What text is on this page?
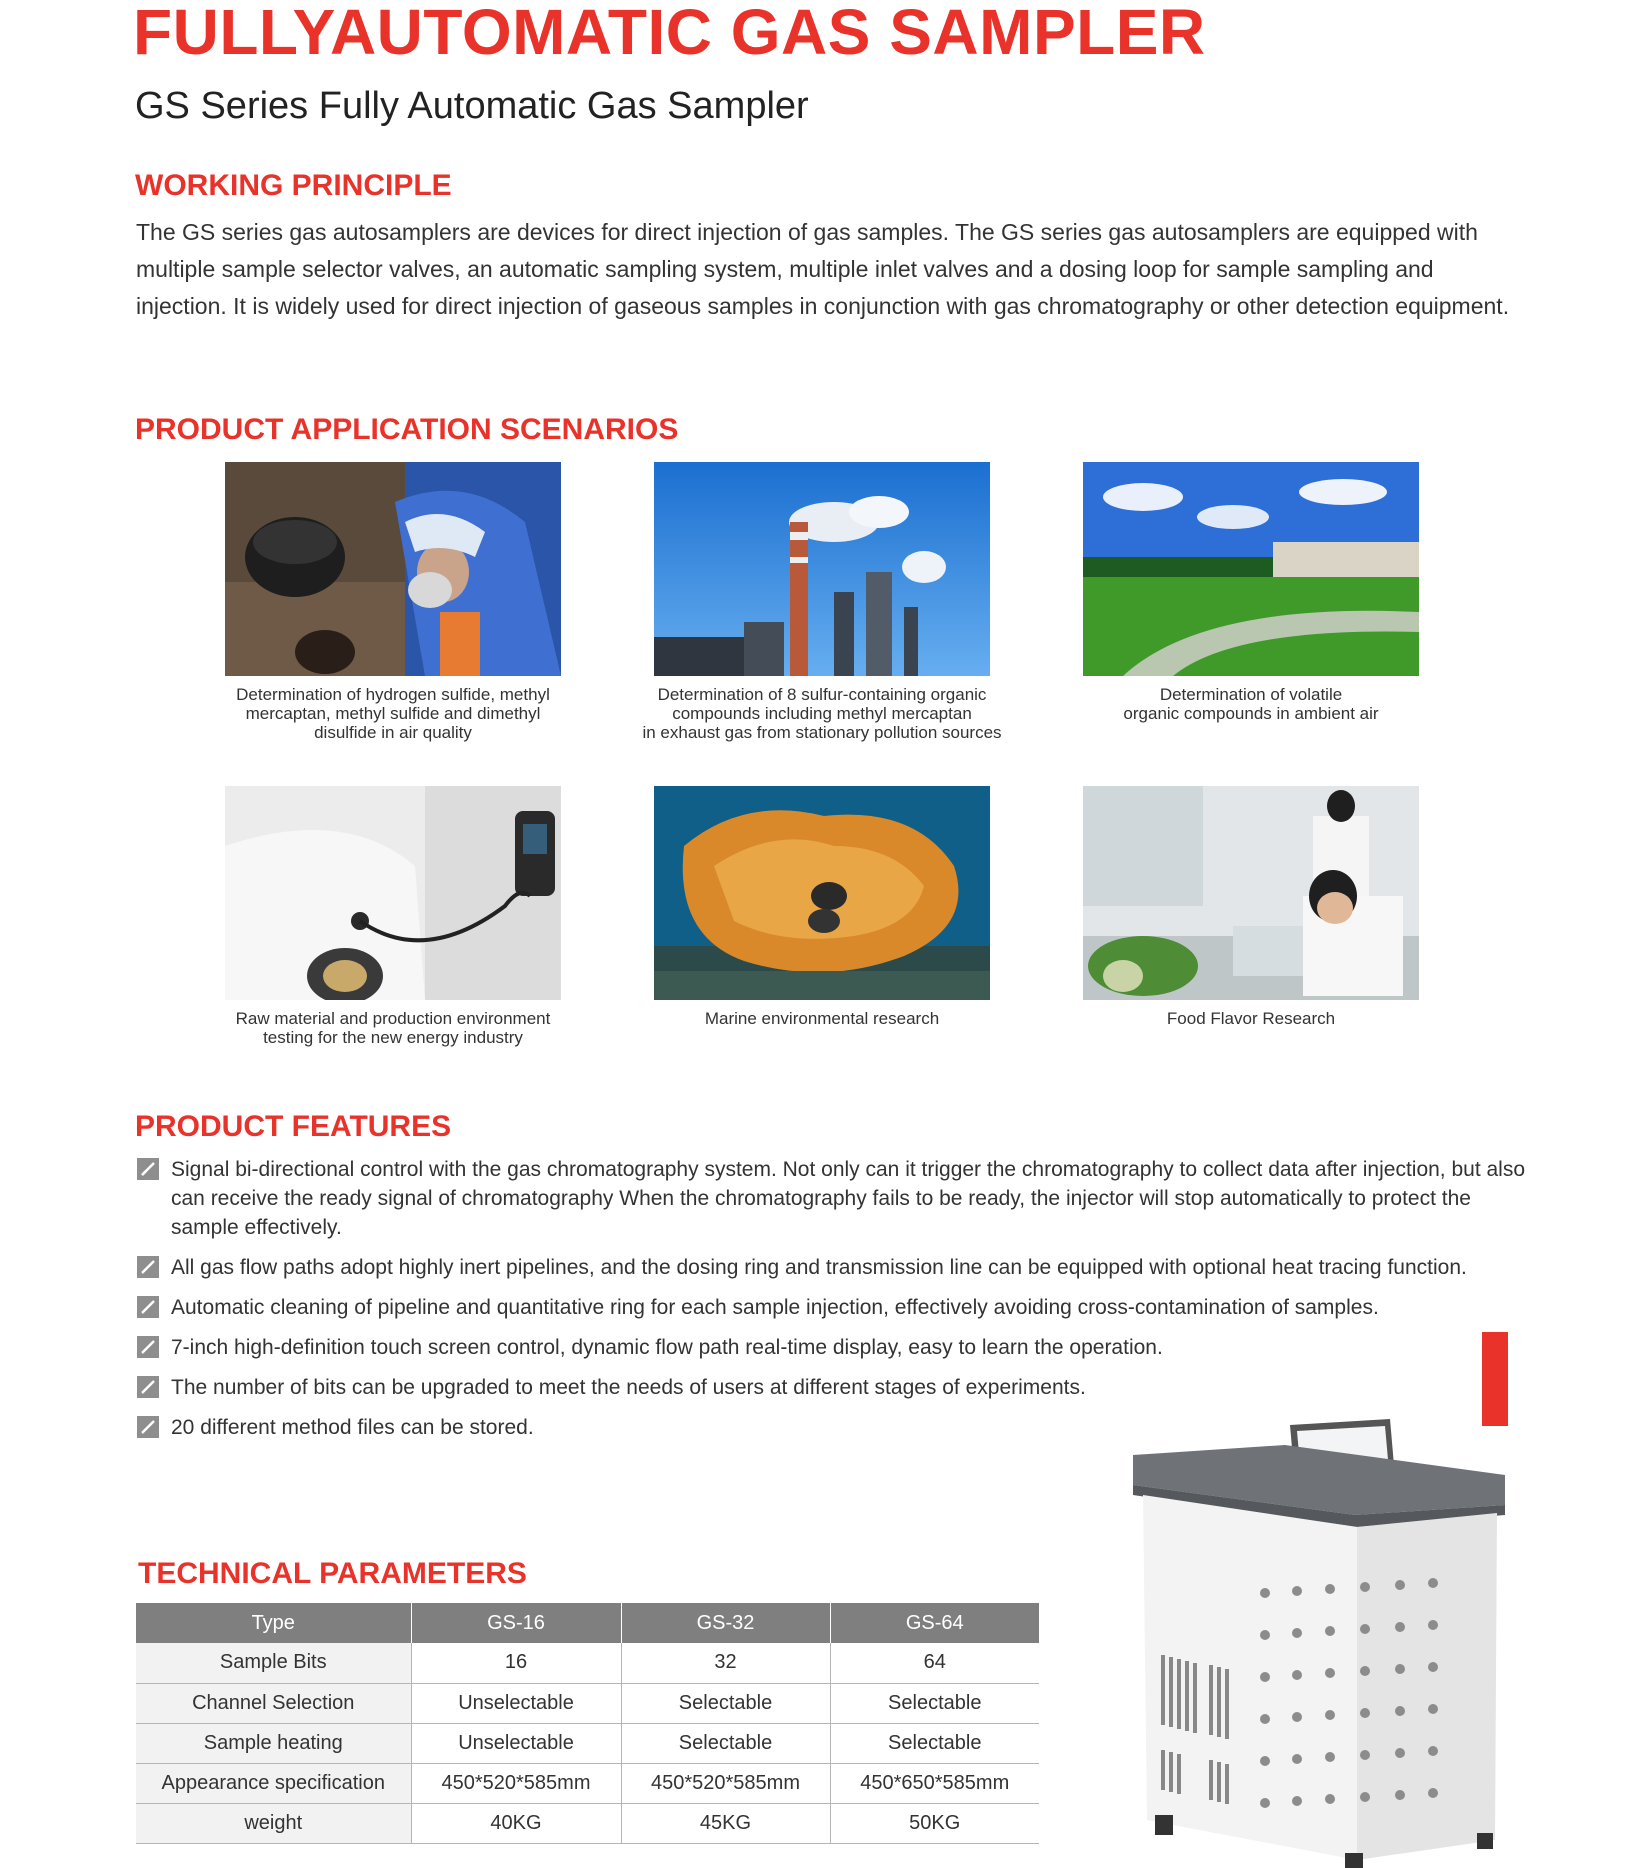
FULLYAUTOMATIC GAS SAMPLER
GS Series Fully Automatic Gas Sampler
WORKING PRINCIPLE
The GS series gas autosamplers are devices for direct injection of gas samples. The GS series gas autosamplers are equipped with
multiple sample selector valves, an automatic sampling system, multiple inlet valves and a dosing loop for sample sampling and
injection. It is widely used for direct injection of gaseous samples in conjunction with gas chromatography or other detection equipment.
PRODUCT APPLICATION SCENARIOS
Determination of hydrogen sulfide, methyl
mercaptan, methyl sulfide and dimethyl
disulfide in air quality
Determination of 8 sulfur-containing organic
compounds including methyl mercaptan
in exhaust gas from stationary pollution sources
Determination of volatile
organic compounds in ambient air
Raw material and production environment
testing for the new energy industry
Marine environmental research	Food Flavor Research
PRODUCT FEATURES
Signal bi-directional control with the gas chromatography system. Not only can it trigger the chromatography to collect data after injection, but also can receive the ready signal of chromatography When the chromatography fails to be ready, the injector will stop automatically to protect the sample effectively.
All gas flow paths adopt highly inert pipelines, and the dosing ring and transmission line can be equipped with optional heat tracing function.
Automatic cleaning of pipeline and quantitative ring for each sample injection, effectively avoiding cross-contamination of samples.
7-inch high-definition touch screen control, dynamic flow path real-time display, easy to learn the operation.
The number of bits can be upgraded to meet the needs of users at different stages of experiments.
20 different method files can be stored.
TECHNICAL PARAMETERS
Type	GS-16	GS-32	GS-64
Sample Bits	16	32	64
Channel Selection	Unselectable	Selectable	Selectable
Sample heating	Unselectable	Selectable	Selectable
Appearance specification	450*520*585mm	450*520*585mm	450*650*585mm
weight	40KG	45KG	50KG
